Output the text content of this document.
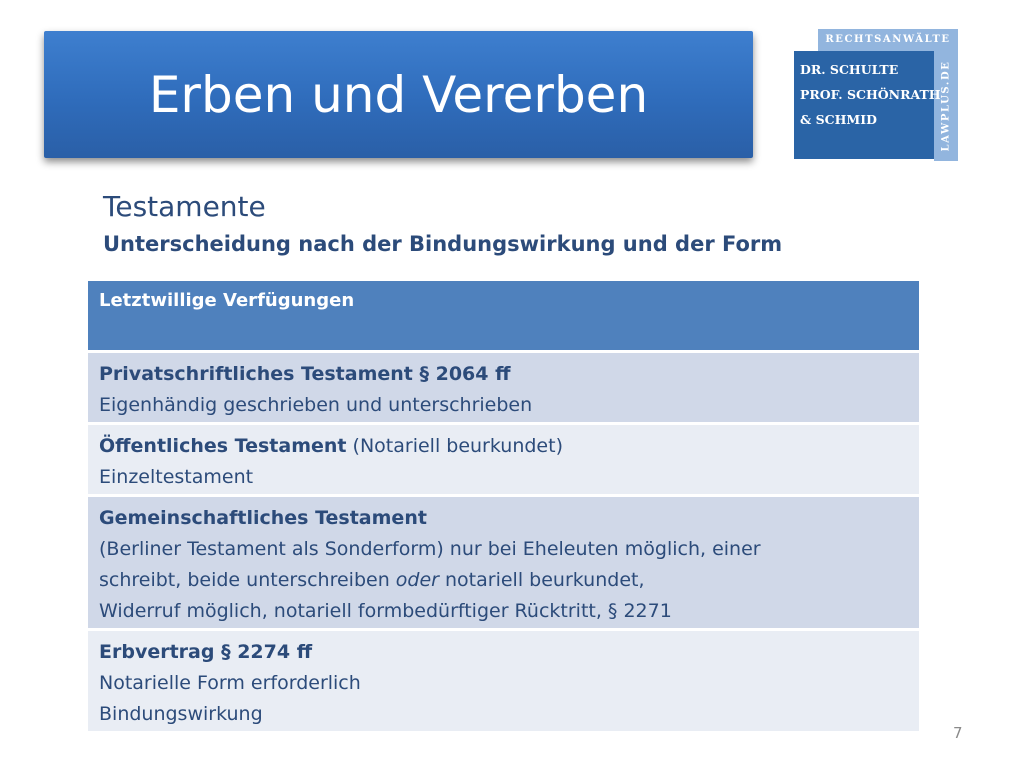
Erben und Vererben
RECHTSANWÄLTE
LAWPLUS.DE
DR. SCHULTE
PROF. SCHÖNRATH
& SCHMID
Testamente
Unterscheidung nach der Bindungswirkung und der Form
Letztwillige Verfügungen
Privatschriftliches Testament § 2064 ff
Eigenhändig geschrieben und unterschrieben
Öffentliches Testament (Notariell beurkundet)
Einzeltestament
Gemeinschaftliches Testament
(Berliner Testament als Sonderform) nur bei Eheleuten möglich, einer
schreibt, beide unterschreiben oder notariell beurkundet,
Widerruf möglich, notariell formbedürftiger Rücktritt, § 2271
Erbvertrag § 2274 ff
Notarielle Form erforderlich
Bindungswirkung
7
